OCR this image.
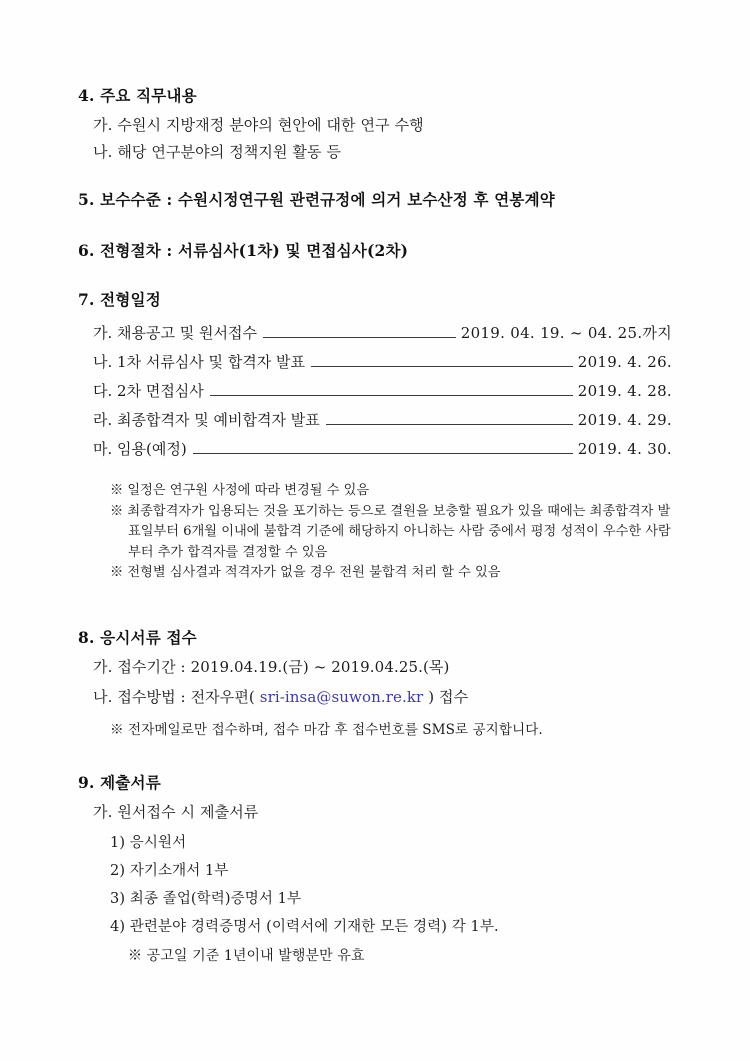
4. 주요 직무내용
가. 수원시 지방재정 분야의 현안에 대한 연구 수행
나. 해당 연구분야의 정책지원 활동 등
5. 보수수준 : 수원시정연구원 관련규정에 의거 보수산정 후 연봉계약
6. 전형절차 : 서류심사(1차) 및 면접심사(2차)
7. 전형일정
가. 채용공고 및 원서접수	2019. 04. 19. ~ 04. 25.까지
나. 1차 서류심사 및 합격자 발표	2019. 4. 26.
다. 2차 면접심사	2019. 4. 28.
라. 최종합격자 및 예비합격자 발표	2019. 4. 29.
마. 임용(예정)	2019. 4. 30.
※ 일정은 연구원 사정에 따라 변경될 수 있음
※ 최종합격자가 입용되는 것을 포기하는 등으로 결원을 보충할 필요가 있을 때에는 최종합격자 발표일부터 6개월 이내에 불합격 기준에 해당하지 아니하는 사람 중에서 평정 성적이 우수한 사람부터 추가 합격자를 결정할 수 있음
※ 전형별 심사결과 적격자가 없을 경우 전원 불합격 처리 할 수 있음
8. 응시서류 접수
가. 접수기간 : 2019.04.19.(금) ~ 2019.04.25.(목)
나. 접수방법 : 전자우편( sri-insa@suwon.re.kr ) 접수
※ 전자메일로만 접수하며, 접수 마감 후 접수번호를 SMS로 공지합니다.
9. 제출서류
가. 원서접수 시 제출서류
1) 응시원서
2) 자기소개서 1부
3) 최종 졸업(학력)증명서 1부
4) 관련분야 경력증명서 (이력서에 기재한 모든 경력) 각 1부.
※ 공고일 기준 1년이내 발행분만 유효
